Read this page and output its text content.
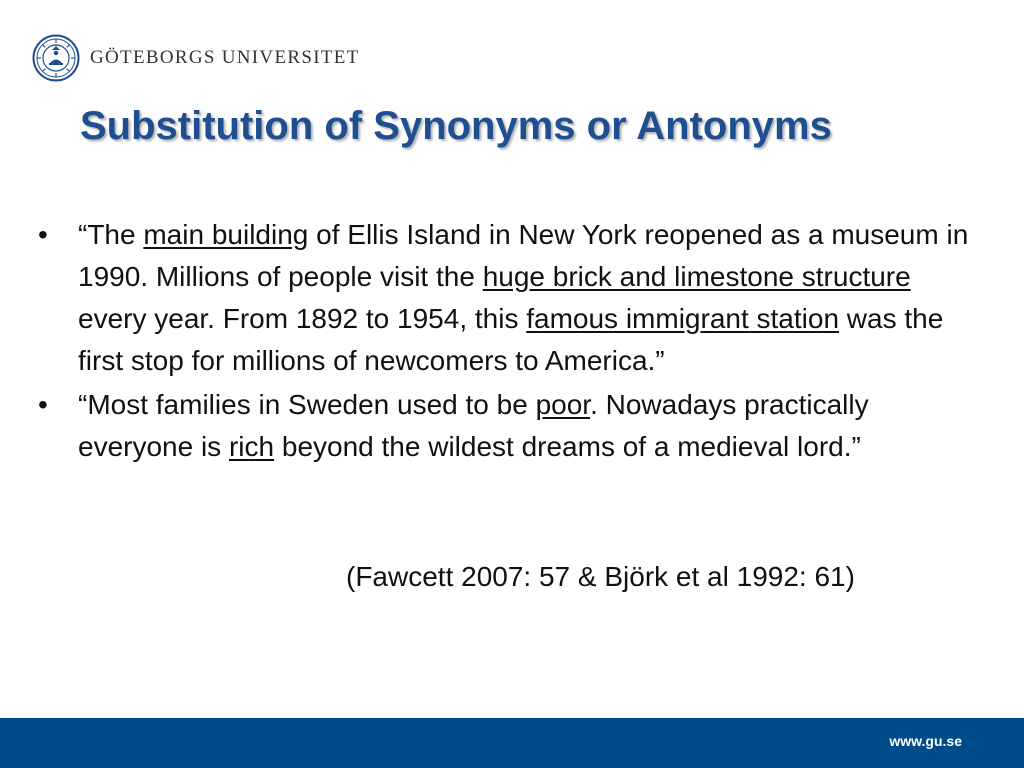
GÖTEBORGS UNIVERSITET
Substitution of Synonyms or Antonyms
• “The main building of Ellis Island in New York reopened as a museum in 1990. Millions of people visit the huge brick and limestone structure every year. From 1892 to 1954, this famous immigrant station was the first stop for millions of newcomers to America.”
• “Most families in Sweden used to be poor. Nowadays practically everyone is rich beyond the wildest dreams of a medieval lord.”
(Fawcett 2007: 57 & Björk et al 1992: 61)
www.gu.se
